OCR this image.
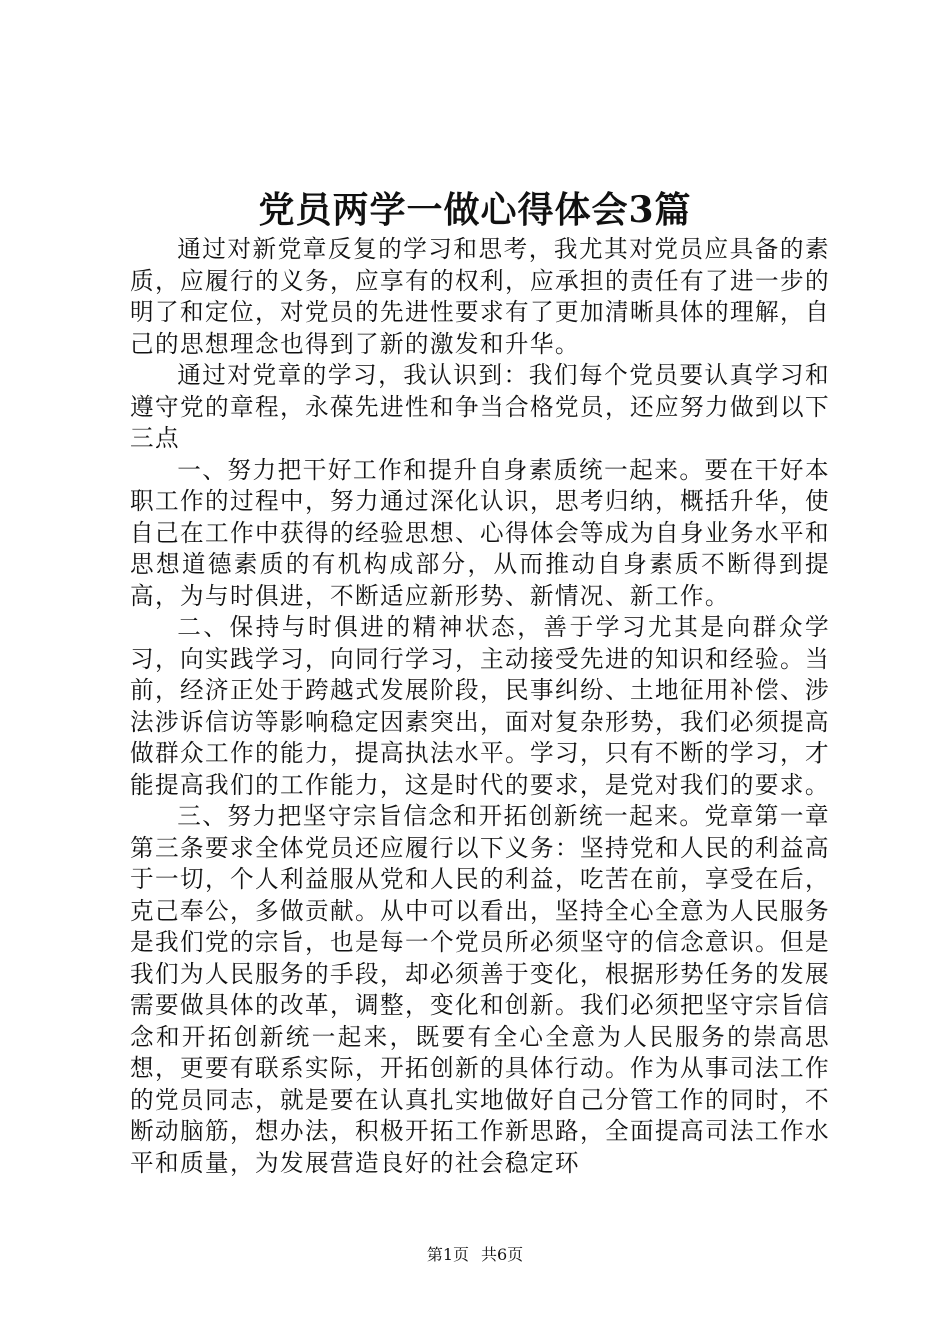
党员两学一做心得体会3篇

通过对新党章反复的学习和思考，我尤其对党员应具备的素质，应履行的义务，应享有的权利，应承担的责任有了进一步的明了和定位，对党员的先进性要求有了更加清晰具体的理解，自己的思想理念也得到了新的激发和升华。

通过对党章的学习，我认识到：我们每个党员要认真学习和遵守党的章程，永葆先进性和争当合格党员，还应努力做到以下三点

一、努力把干好工作和提升自身素质统一起来。要在干好本职工作的过程中，努力通过深化认识，思考归纳，概括升华，使自己在工作中获得的经验思想、心得体会等成为自身业务水平和思想道德素质的有机构成部分，从而推动自身素质不断得到提高，为与时俱进，不断适应新形势、新情况、新工作。

二、保持与时俱进的精神状态，善于学习尤其是向群众学习，向实践学习，向同行学习，主动接受先进的知识和经验。当前，经济正处于跨越式发展阶段，民事纠纷、土地征用补偿、涉法涉诉信访等影响稳定因素突出，面对复杂形势，我们必须提高做群众工作的能力，提高执法水平。学习，只有不断的学习，才能提高我们的工作能力，这是时代的要求，是党对我们的要求。

三、努力把坚守宗旨信念和开拓创新统一起来。党章第一章第三条要求全体党员还应履行以下义务：坚持党和人民的利益高于一切，个人利益服从党和人民的利益，吃苦在前，享受在后，克己奉公，多做贡献。从中可以看出，坚持全心全意为人民服务是我们党的宗旨，也是每一个党员所必须坚守的信念意识。但是我们为人民服务的手段，却必须善于变化，根据形势任务的发展需要做具体的改革，调整，变化和创新。我们必须把坚守宗旨信念和开拓创新统一起来，既要有全心全意为人民服务的崇高思想，更要有联系实际，开拓创新的具体行动。作为从事司法工作的党员同志，就是要在认真扎实地做好自己分管工作的同时，不断动脑筋，想办法，积极开拓工作新思路，全面提高司法工作水平和质量，为发展营造良好的社会稳定环

第1页 共6页
